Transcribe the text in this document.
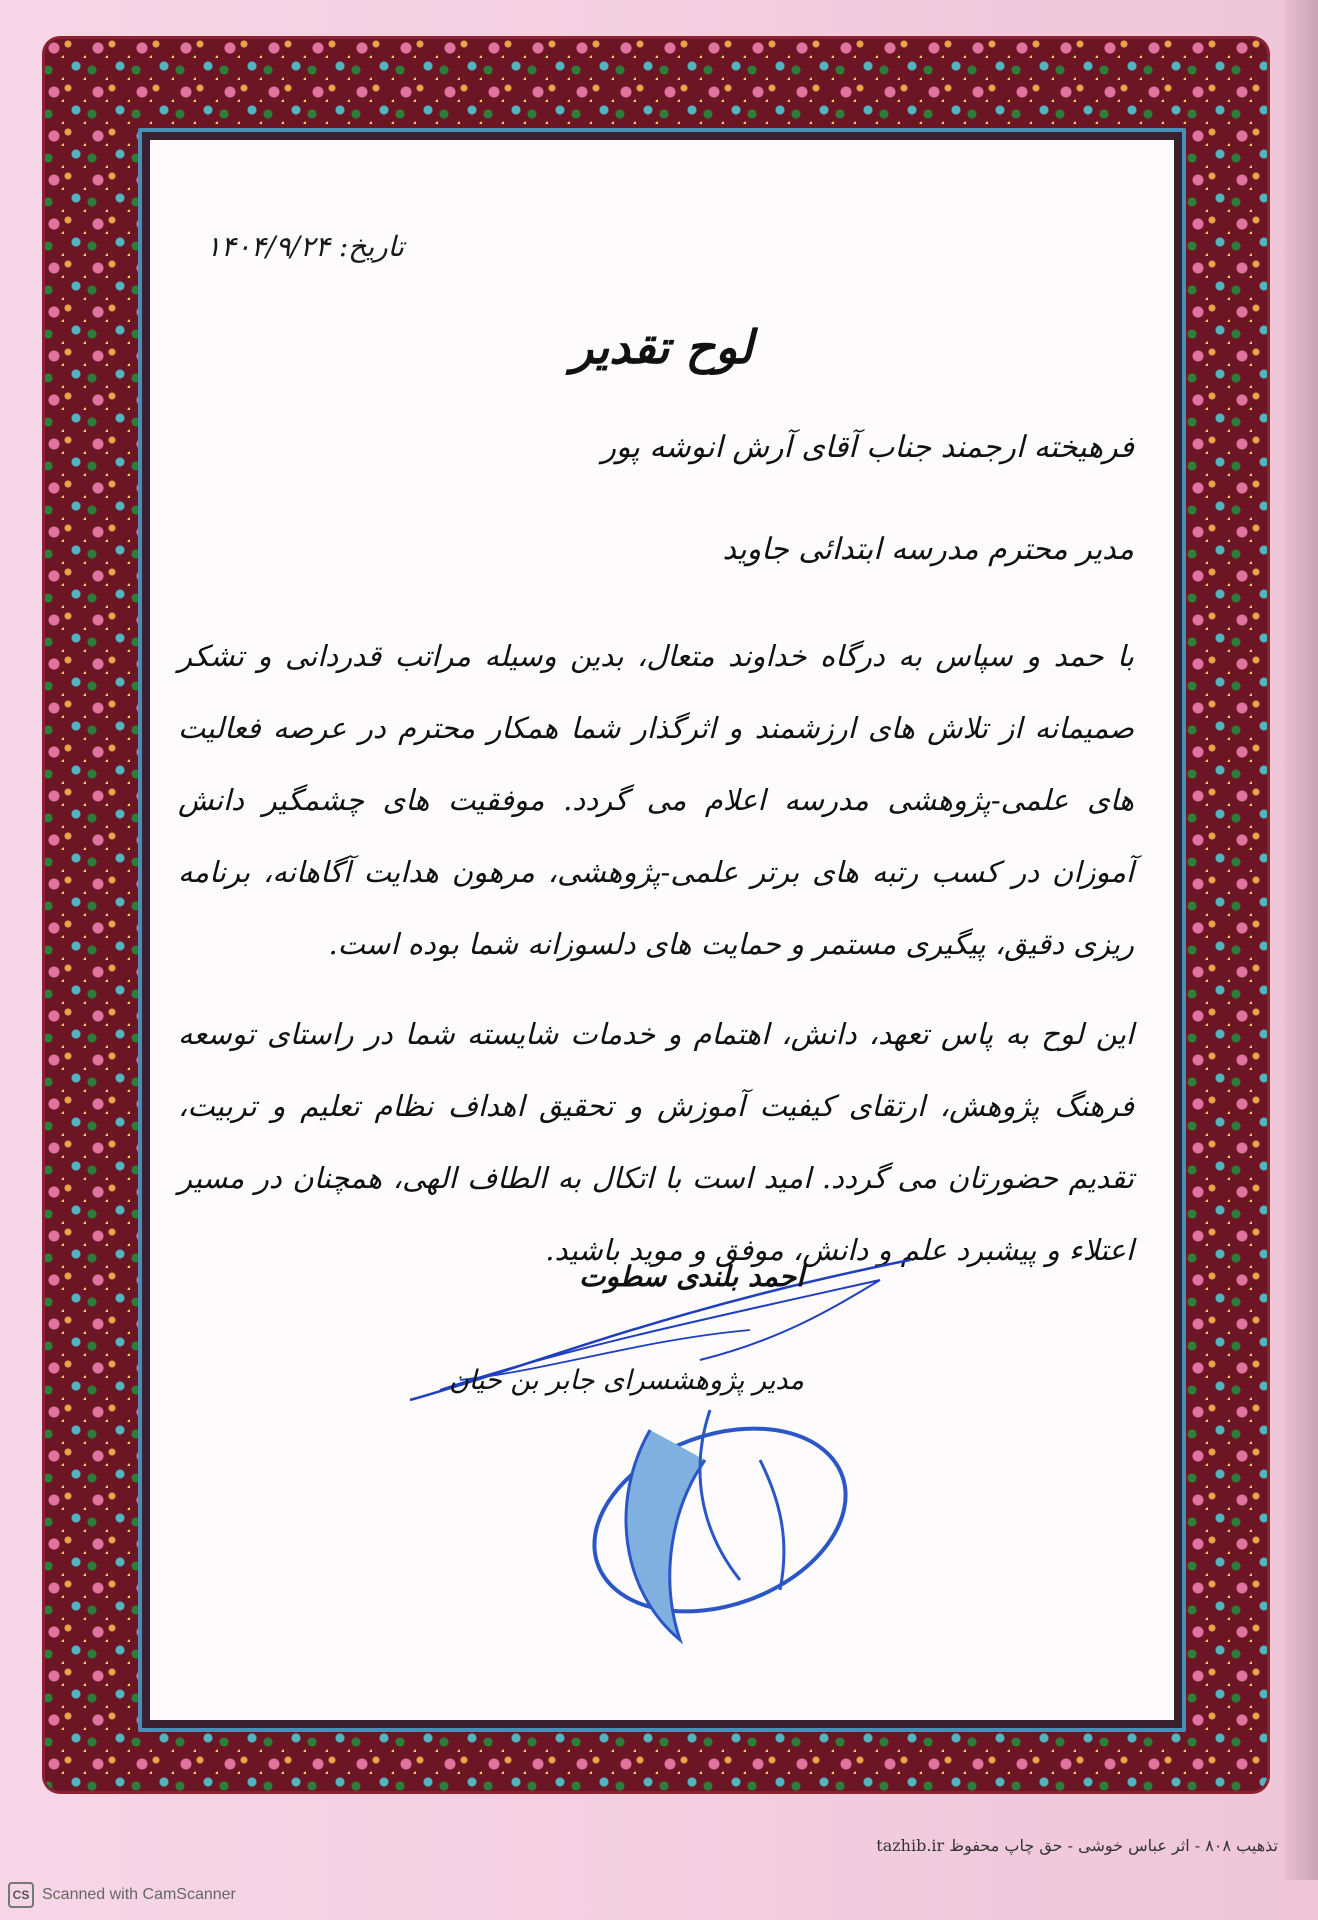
تاریخ: ۱۴۰۴/۹/۲۴
لوح تقدیر
فرهیخته ارجمند جناب آقای آرش انوشه پور
مدیر محترم مدرسه ابتدائی جاوید

با حمد و سپاس به درگاه خداوند متعال، بدین وسیله مراتب قدردانی و تشکر صمیمانه از تلاش های ارزشمند و اثرگذار شما همکار محترم در عرصه فعالیت های علمی-پژوهشی مدرسه اعلام می گردد. موفقیت های چشمگیر دانش آموزان در کسب رتبه های برتر علمی-پژوهشی، مرهون هدایت آگاهانه، برنامه ریزی دقیق، پیگیری مستمر و حمایت های دلسوزانه شما بوده است.

این لوح به پاس تعهد، دانش، اهتمام و خدمات شایسته شما در راستای توسعه فرهنگ پژوهش، ارتقای کیفیت آموزش و تحقیق اهداف نظام تعلیم و تربیت، تقدیم حضورتان می گردد. امید است با اتکال به الطاف الهی، همچنان در مسیر اعتلاء و پیشبرد علم و دانش، موفق و موید باشید.

احمد بلندی سطوت
مدیر پژوهشسرای جابر بن حیان
تذهیب ۸۰۸ - اثر عباس خوشی - حق چاپ محفوظ tazhib.ir
CS Scanned with CamScanner
